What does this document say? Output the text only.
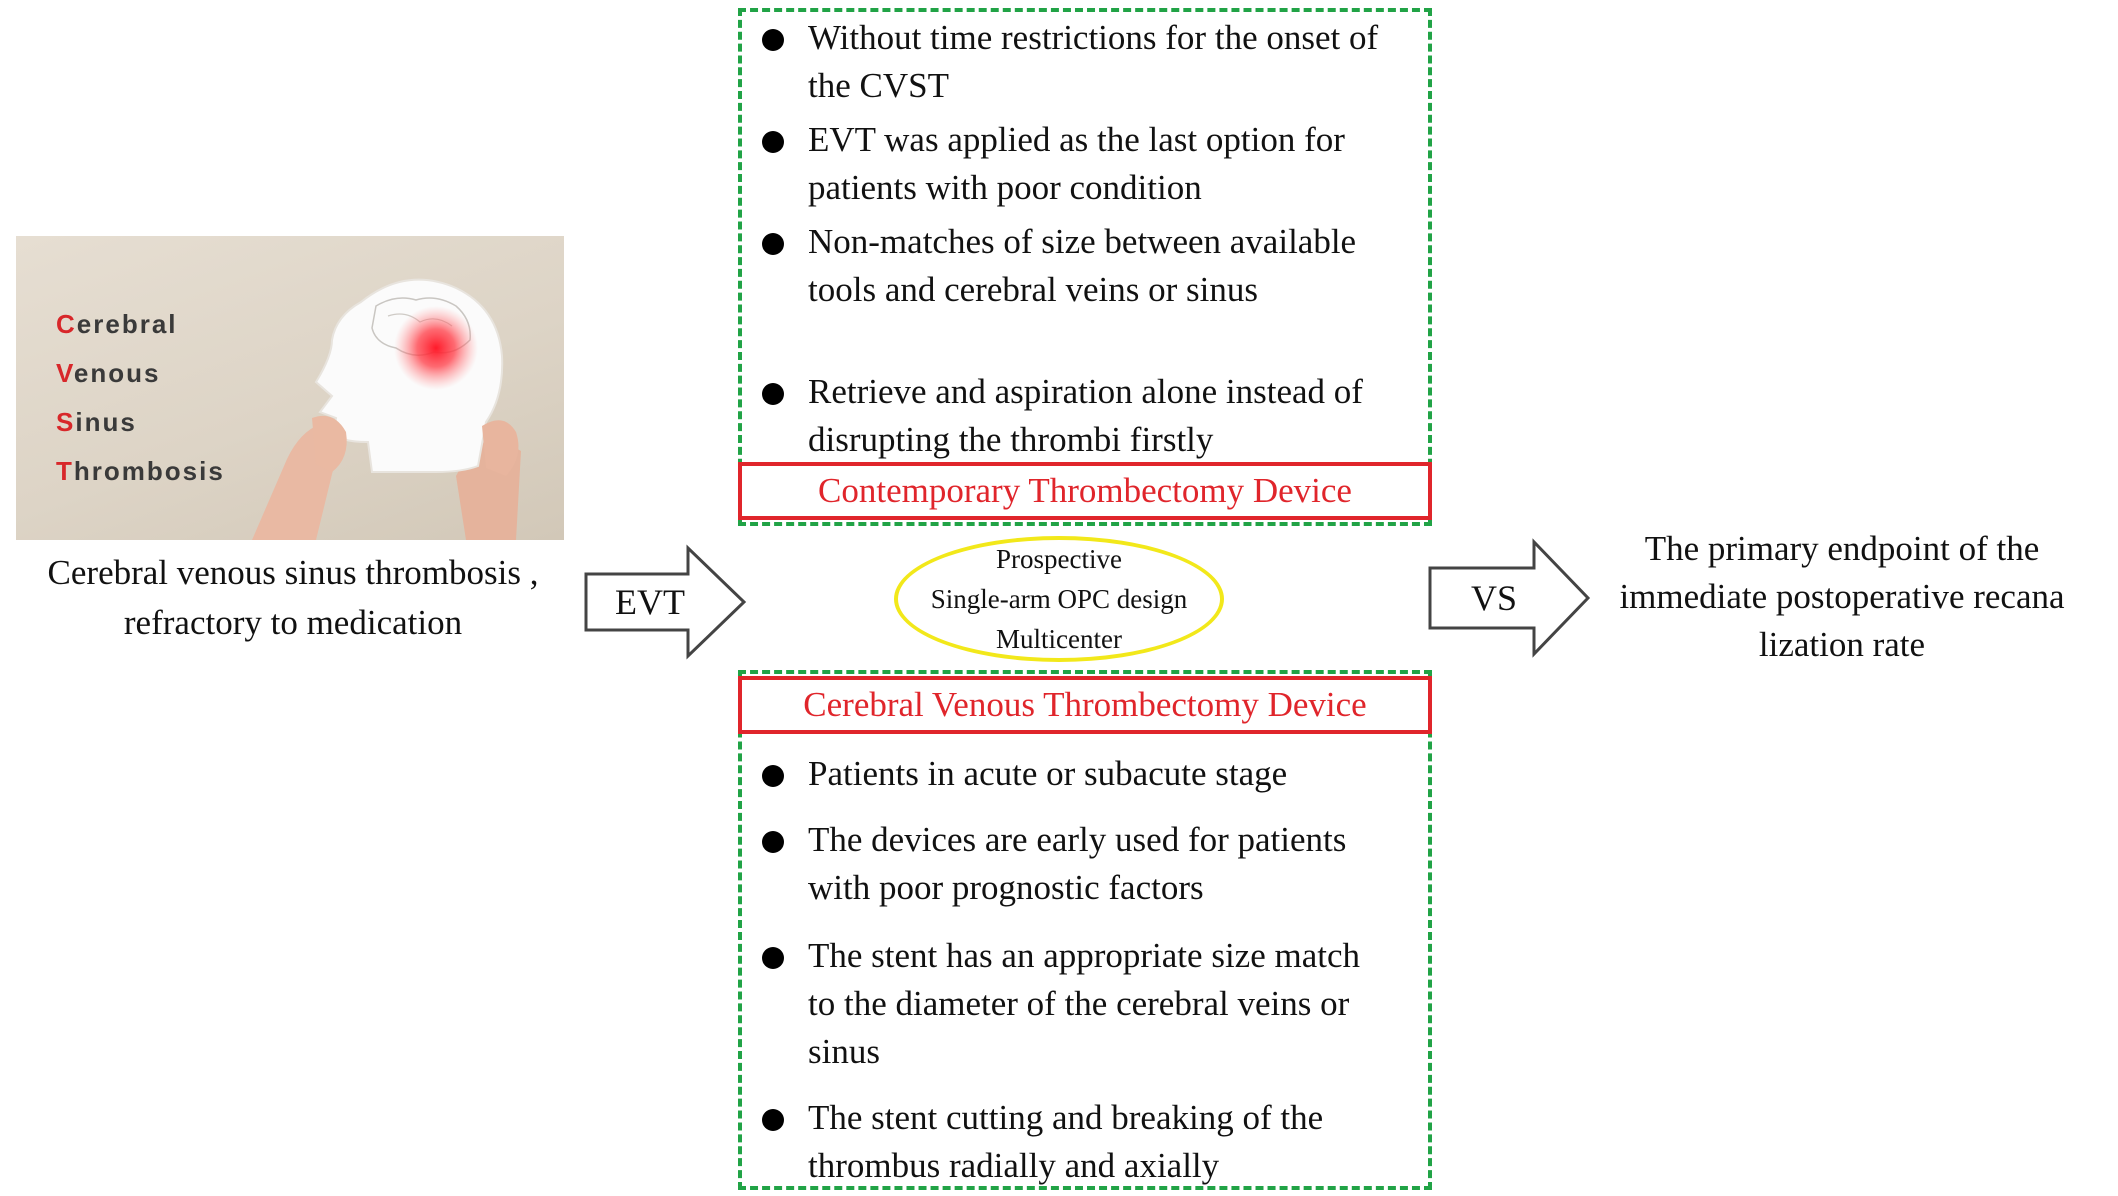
Cerebral
Venous
Sinus
Thrombosis
Cerebral venous sinus thrombosis ,
refractory to medication
EVT
Without time restrictions for the onset of the CVST
EVT was applied as the last option for patients with poor condition
Non-matches of size between available tools and cerebral veins or sinus
Retrieve and aspiration alone instead of disrupting the thrombi firstly
Contemporary Thrombectomy Device
Prospective
Single-arm OPC design
Multicenter
Patients in acute or subacute stage
The devices are early used for patients with poor prognostic factors
The stent has an appropriate size match to the diameter of the cerebral veins or sinus
The stent cutting and breaking of the thrombus radially and axially
Cerebral Venous Thrombectomy Device
VS
The primary endpoint of the
immediate postoperative recana
lization rate
